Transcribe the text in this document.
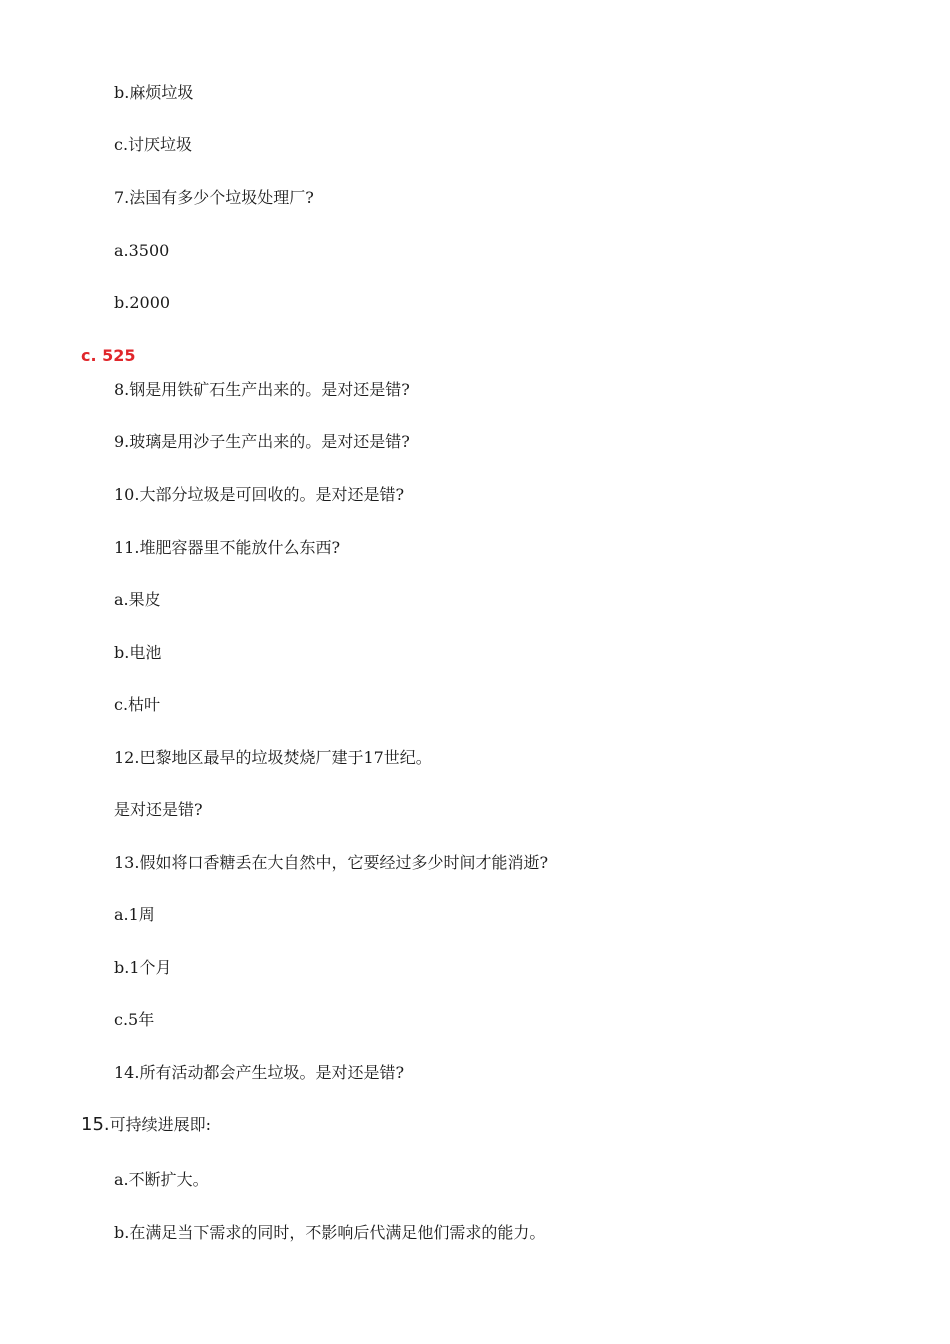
b.麻烦垃圾
c.讨厌垃圾
7.法国有多少个垃圾处理厂?
a.3500
b.2000
c. 525
8.钢是用铁矿石生产出来的。是对还是错?
9.玻璃是用沙子生产出来的。是对还是错?
10.大部分垃圾是可回收的。是对还是错?
11.堆肥容器里不能放什么东西?
a.果皮
b.电池
c.枯叶
12.巴黎地区最早的垃圾焚烧厂建于17世纪。
是对还是错?
13.假如将口香糖丢在大自然中，它要经过多少时间才能消逝?
a.1周
b.1个月
c.5年
14.所有活动都会产生垃圾。是对还是错?
15.可持续进展即:
a.不断扩大。
b.在满足当下需求的同时，不影响后代满足他们需求的能力。
